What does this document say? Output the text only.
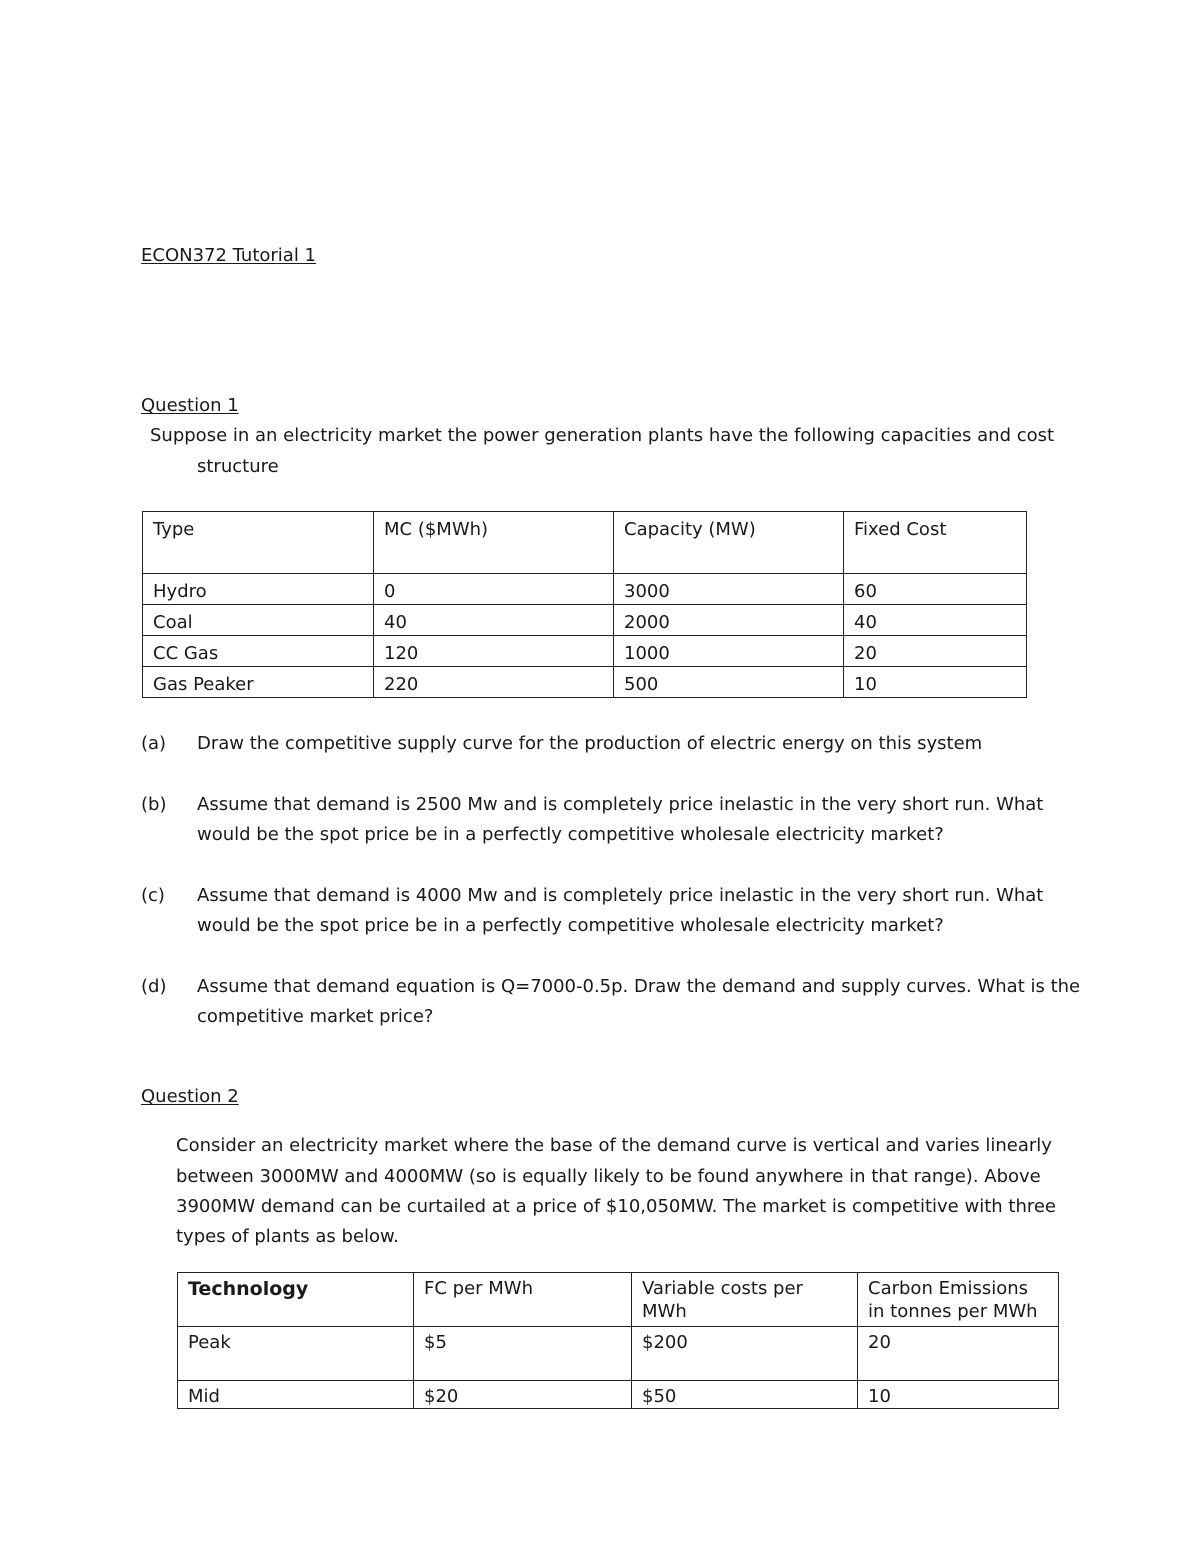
ECON372 Tutorial 1
Question 1
Suppose in an electricity market the power generation plants have the following capacities and cost
structure
Type	MC ($MWh)	Capacity (MW)	Fixed Cost
Hydro	0	3000	60
Coal	40	2000	40
CC Gas	120	1000	20
Gas Peaker	220	500	10
(a) Draw the competitive supply curve for the production of electric energy on this system
(b) Assume that demand is 2500 Mw and is completely price inelastic in the very short run. What
would be the spot price be in a perfectly competitive wholesale electricity market?
(c) Assume that demand is 4000 Mw and is completely price inelastic in the very short run. What
would be the spot price be in a perfectly competitive wholesale electricity market?
(d) Assume that demand equation is Q=7000-0.5p. Draw the demand and supply curves. What is the
competitive market price?
Question 2
Consider an electricity market where the base of the demand curve is vertical and varies linearly
between 3000MW and 4000MW (so is equally likely to be found anywhere in that range). Above
3900MW demand can be curtailed at a price of $10,050MW. The market is competitive with three
types of plants as below.
Technology	FC per MWh	Variable costs per MWh	Carbon Emissions in tonnes per MWh
Peak	$5	$200	20
Mid	$20	$50	10
